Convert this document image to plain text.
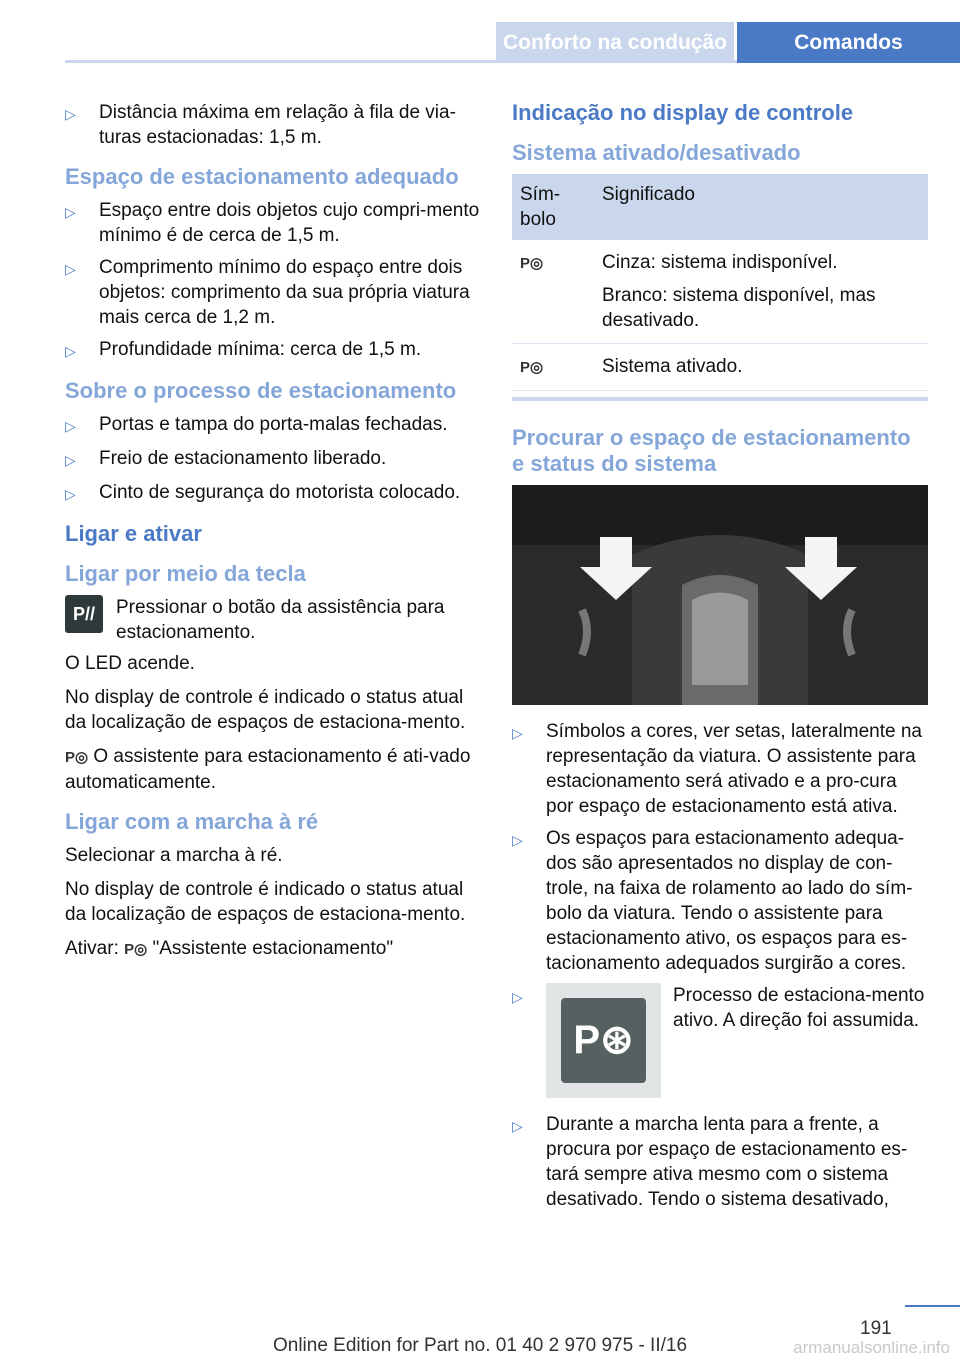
Conforto na condução	Comandos
▷	Distância máxima em relação à fila de via-turas estacionadas: 1,5 m.
Espaço de estacionamento adequado
▷	Espaço entre dois objetos cujo compri-mento mínimo é de cerca de 1,5 m.
▷	Comprimento mínimo do espaço entre dois objetos: comprimento da sua própria viatura mais cerca de 1,2 m.
▷	Profundidade mínima: cerca de 1,5 m.
Sobre o processo de estacionamento
▷	Portas e tampa do porta-malas fechadas.
▷	Freio de estacionamento liberado.
▷	Cinto de segurança do motorista colocado.
Ligar e ativar
Ligar por meio da tecla
P//	Pressionar o botão da assistência para estacionamento.

O LED acende.

No display de controle é indicado o status atual da localização de espaços de estaciona-mento.

P◎ O assistente para estacionamento é ati-vado automaticamente.

Ligar com a marcha à ré

Selecionar a marcha à ré.

No display de controle é indicado o status atual da localização de espaços de estaciona-mento.

Ativar: P◎ "Assistente estacionamento"

Indicação no display de controle
Sistema ativado/desativado
Sím-bolo	Significado
P◎	Cinza: sistema indisponível.
Branco: sistema disponível, mas desativado.

P◎	Sistema ativado.
Procurar o espaço de estacionamento e status do sistema
▷	Símbolos a cores, ver setas, lateralmente na representação da viatura. O assistente para estacionamento será ativado e a pro-cura por espaço de estacionamento está ativa.
▷	Os espaços para estacionamento adequa-dos são apresentados no display de con-trole, na faixa de rolamento ao lado do sím-bolo da viatura. Tendo o assistente para estacionamento ativo, os espaços para es-tacionamento adequados surgirão a cores.
▷
P⊛
Processo de estaciona-mento ativo. A direção foi assumida.
▷	Durante a marcha lenta para a frente, a procura por espaço de estacionamento es-tará sempre ativa mesmo com o sistema desativado. Tendo o sistema desativado,
191
Online Edition for Part no. 01 40 2 970 975 - II/16	armanualsonline.info
